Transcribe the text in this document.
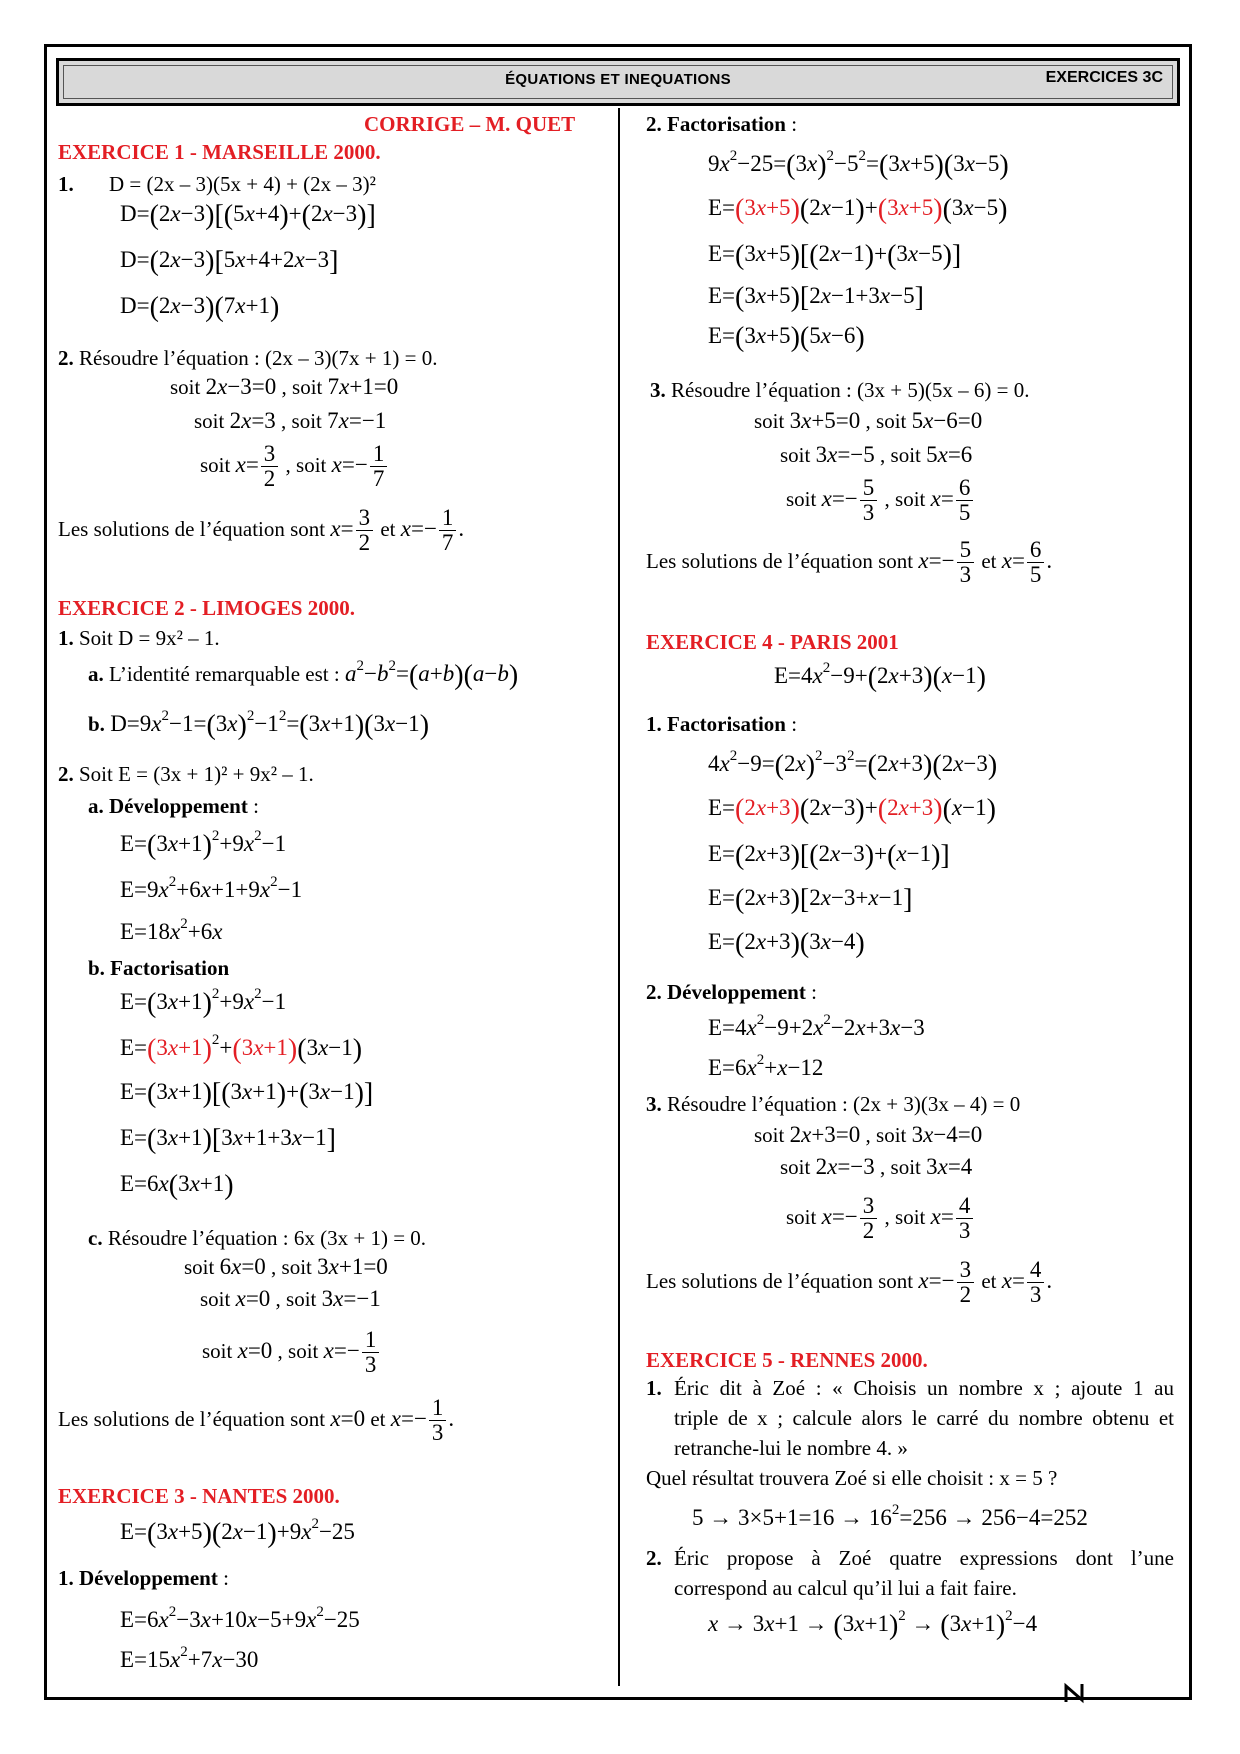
ÉQUATIONS ET INEQUATIONS	EXERCICES 3C
CORRIGE – M. QUET
EXERCICE 1 - MARSEILLE 2000.
1. D = (2x – 3)(5x + 4) + (2x – 3)²
D=(2x−3)[(5x+4)+(2x−3)]
D=(2x−3)[5x+4+2x−3]
D=(2x−3)(7x+1)
2. Résoudre l’équation : (2x – 3)(7x + 1) = 0.
soit 2x−3=0 , soit 7x+1=0
soit 2x=3 , soit 7x=−1
soit $x= \frac{3}{2}$ , soit $x=- \frac{1}{7}$
Les solutions de l’équation sont $x= \frac{3}{2}$ et $x=- \frac{1}{7}$ .
EXERCICE 2 - LIMOGES 2000.
1. Soit D = 9x² – 1.
a. L’identité remarquable est : $a^2-b^2=(a+b)(a-b)$
b. $D=9x^2-1=(3x)^2-1^2=(3x+1)(3x-1)$
2. Soit E = (3x + 1)² + 9x² – 1.
a. Développement :
$E=(3x+1)^2+9x^2-1$
$E=9x^2+6x+1+9x^2-1$
$E=18x^2+6x$
b. Factorisation
$E=(3x+1)^2+9x^2-1$
$E=(3x+1)^2+(3x+1)(3x-1)$
E=(3x+1)[(3x+1)+(3x−1)]
E=(3x+1)[3x+1+3x−1]
E=6x(3x+1)
c. Résoudre l’équation : 6x (3x + 1) = 0.
soit 6x=0 , soit 3x+1=0
soit x=0 , soit 3x=−1
soit x=0 , soit $x=- \frac{1}{3}$
Les solutions de l’équation sont x=0 et $x=- \frac{1}{3}$ .
EXERCICE 3 - NANTES 2000.
$E=(3x+5)(2x-1)+9x^2-25$
1. Développement :
$E=6x^2-3x+10x-5+9x^2-25$
$E=15x^2+7x-30$
2. Factorisation :
$9x^2-25=(3x)^2-5^2=(3x+5)(3x-5)$
E=(3x+5)(2x−1)+(3x+5)(3x−5)
E=(3x+5)[(2x−1)+(3x−5)]
E=(3x+5)[2x−1+3x−5]
E=(3x+5)(5x−6)
3. Résoudre l’équation : (3x + 5)(5x – 6) = 0.
soit 3x+5=0 , soit 5x−6=0
soit 3x=−5 , soit 5x=6
soit $x=- \frac{5}{3}$ , soit $x= \frac{6}{5}$
Les solutions de l’équation sont $x=- \frac{5}{3}$ et $x= \frac{6}{5}$ .
EXERCICE 4 - PARIS 2001
$E=4x^2-9+(2x+3)(x-1)$
1. Factorisation :
$4x^2-9=(2x)^2-3^2=(2x+3)(2x-3)$
E=(2x+3)(2x−3)+(2x+3)(x−1)
E=(2x+3)[(2x−3)+(x−1)]
E=(2x+3)[2x−3+x−1]
E=(2x+3)(3x−4)
2. Développement :
$E=4x^2-9+2x^2-2x+3x-3$
$E=6x^2+x-12$
3. Résoudre l’équation : (2x + 3)(3x – 4) = 0
soit 2x+3=0 , soit 3x−4=0
soit 2x=−3 , soit 3x=4
soit $x=- \frac{3}{2}$ , soit $x= \frac{4}{3}$
Les solutions de l’équation sont $x=- \frac{3}{2}$ et $x= \frac{4}{3}$ .
EXERCICE 5 - RENNES 2000.
1. Éric dit à Zoé : « Choisis un nombre x ; ajoute 1 au
triple de x ; calcule alors le carré du nombre obtenu et
retranche-lui le nombre 4. »
Quel résultat trouvera Zoé si elle choisit : x = 5 ?
$5 \to 3\times 5+1=16 \to 16^2=256 \to 256-4=252$
2. Éric propose à Zoé quatre expressions dont l’une
correspond au calcul qu’il lui a fait faire.
$x \to 3x+1 \to (3x+1)^2 \to (3x+1)^2-4$
